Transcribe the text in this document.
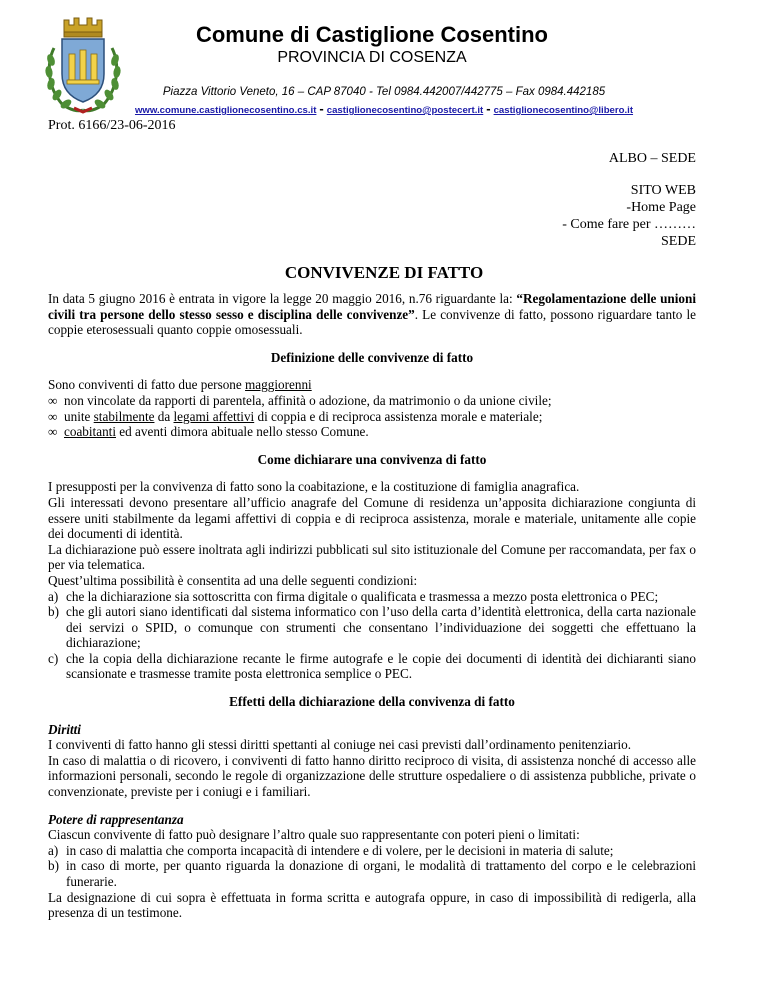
Comune di Castiglione Cosentino
PROVINCIA DI COSENZA
Piazza Vittorio Veneto, 16 – CAP 87040 - Tel 0984.442007/442775 – Fax 0984.442185
www.comune.castiglionecosentino.cs.it - castiglionecosentino@postecert.it - castiglionecosentino@libero.it
Prot. 6166/23-06-2016
ALBO – SEDE
SITO WEB
-Home Page
- Come fare per ………
SEDE
CONVIVENZE DI FATTO

In data 5 giugno 2016 è entrata in vigore la legge 20 maggio 2016, n.76 riguardante la: “Regolamentazione delle unioni civili tra persone dello stesso sesso e disciplina delle convivenze”. Le convivenze di fatto, possono riguardare tanto le coppie eterosessuali quanto coppie omosessuali.

Definizione delle convivenze di fatto

Sono conviventi di fatto due persone maggiorenni

∞ non vincolate da rapporti di parentela, affinità o adozione, da matrimonio o da unione civile;
∞ unite stabilmente da legami affettivi di coppia e di reciproca assistenza morale e materiale;
∞ coabitanti ed aventi dimora abituale nello stesso Comune.

Come dichiarare una convivenza di fatto

I presupposti per la convivenza di fatto sono la coabitazione, e la costituzione di famiglia anagrafica.

Gli interessati devono presentare all’ufficio anagrafe del Comune di residenza un’apposita dichiarazione congiunta di essere uniti stabilmente da legami affettivi di coppia e di reciproca assistenza, morale e materiale, unitamente alle copie dei documenti di identità.

La dichiarazione può essere inoltrata agli indirizzi pubblicati sul sito istituzionale del Comune per raccomandata, per fax o per via telematica.

Quest’ultima possibilità è consentita ad una delle seguenti condizioni:

a) che la dichiarazione sia sottoscritta con firma digitale o qualificata e trasmessa a mezzo posta elettronica o PEC;
b) che gli autori siano identificati dal sistema informatico con l’uso della carta d’identità elettronica, della carta nazionale dei servizi o SPID, o comunque con strumenti che consentano l’individuazione dei soggetti che effettuano la dichiarazione;
c) che la copia della dichiarazione recante le firme autografe e le copie dei documenti di identità dei dichiaranti siano scansionate e trasmesse tramite posta elettronica semplice o PEC.

Effetti della dichiarazione della convivenza di fatto

Diritti

I conviventi di fatto hanno gli stessi diritti spettanti al coniuge nei casi previsti dall’ordinamento penitenziario.

In caso di malattia o di ricovero, i conviventi di fatto hanno diritto reciproco di visita, di assistenza nonché di accesso alle informazioni personali, secondo le regole di organizzazione delle strutture ospedaliere o di assistenza pubbliche, private o convenzionate, previste per i coniugi e i familiari.

Potere di rappresentanza

Ciascun convivente di fatto può designare l’altro quale suo rappresentante con poteri pieni o limitati:

a) in caso di malattia che comporta incapacità di intendere e di volere, per le decisioni in materia di salute;
b) in caso di morte, per quanto riguarda la donazione di organi, le modalità di trattamento del corpo e le celebrazioni funerarie.

La designazione di cui sopra è effettuata in forma scritta e autografa oppure, in caso di impossibilità di redigerla, alla presenza di un testimone.
